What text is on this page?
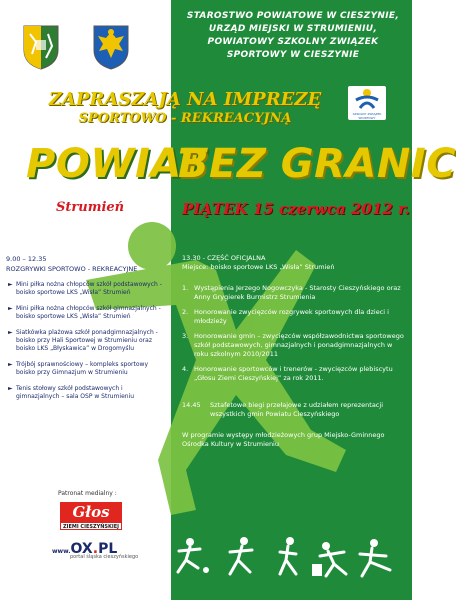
STAROSTWO POWIATOWE W CIESZYNIE,
URZĄD MIEJSKI W STRUMIENIU,
POWIATOWY SZKOLNY ZWIĄZEK
SPORTOWY W CIESZYNIE
SZKOLNY ZWIĄZEK SPORTOWY
ZAPRASZAJĄ NA IMPREZĘ
SPORTOWO - REKREACYJNĄ
POWIAT
BEZ GRANIC
Strumień	PIĄTEK 15 czerwca 2012 r.
9.00 – 12.35
ROZGRYWKI SPORTOWO - REKREACYJNE
► Mini piłka nożna chłopców szkół podstawowych - boisko sportowe LKS „Wisła” Strumień
► Mini piłka nożna chłopców szkół gimnazjalnych - boisko sportowe LKS „Wisła” Strumień
► Siatkówka plażowa szkół ponadgimnazjalnych - boisko przy Hali Sportowej w Strumieniu oraz boisko LKS „Błyskawica” w Drogomyślu
► Trójbój sprawnościowy – kompleks sportowy boisko przy Gimnazjum w Strumieniu
► Tenis stołowy szkół podstawowych i gimnazjalnych – sala OSP w Strumieniu
13.30 - CZĘŚĆ OFICJALNA
Miejsce: boisko sportowe LKS „Wisła” Strumień
1. Wystąpienia Jerzego Nogowczyka - Starosty Cieszyńskiego oraz Anny Grygierek Burmistrz Strumienia
2. Honorowanie zwycięzców rozgrywek sportowych dla dzieci i młodzieży
3. Honorowanie gmin – zwycięzców współzawodnictwa sportowego szkół podstawowych, gimnazjalnych i ponadgimnazjalnych w roku szkolnym 2010/2011
4. Honorowanie sportowców i trenerów - zwycięzców plebiscytu „Głosu Ziemi Cieszyńskiej” za rok 2011.
14.45 Sztafetowe biegi przełajowe z udziałem reprezentacji wszystkich gmin Powiatu Cieszyńskiego
W programie występy młodzieżowych grup Miejsko-Gminnego Ośrodka Kultury w Strumieniu
Patronat medialny :
Głos
ZIEMI CIESZYŃSKIEJ
www.OX.PL
portal śląska cieszyńskiego
